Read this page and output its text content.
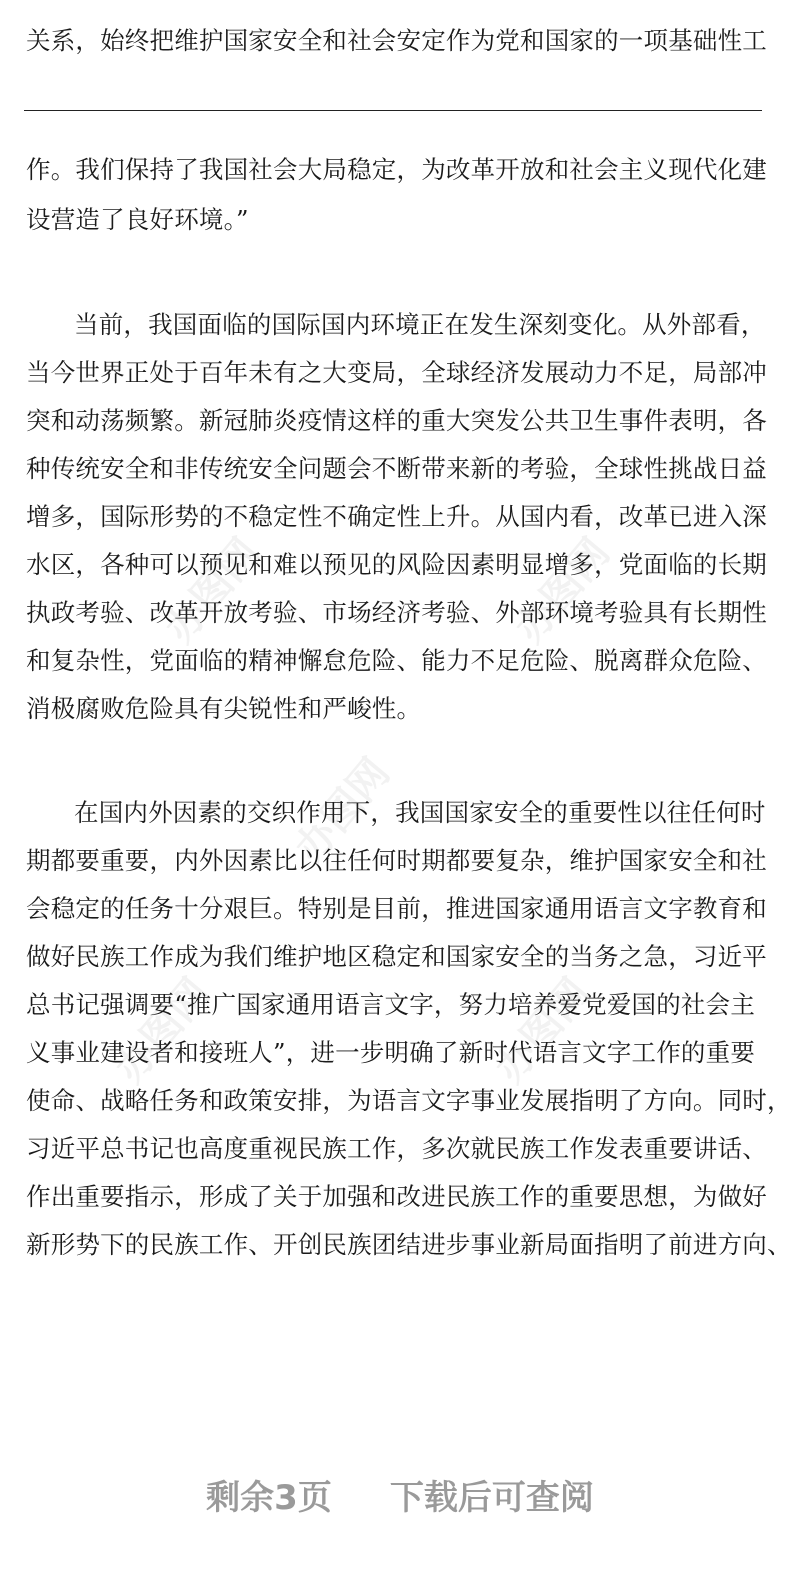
办图网	办图网
办图网
办图网	办图网
关系，始终把维护国家安全和社会安定作为党和国家的一项基础性工
作。我们保持了我国社会大局稳定，为改革开放和社会主义现代化建
设营造了良好环境。”
当前，我国面临的国际国内环境正在发生深刻变化。从外部看，
当今世界正处于百年未有之大变局，全球经济发展动力不足，局部冲
突和动荡频繁。新冠肺炎疫情这样的重大突发公共卫生事件表明，各
种传统安全和非传统安全问题会不断带来新的考验，全球性挑战日益
增多，国际形势的不稳定性不确定性上升。从国内看，改革已进入深
水区，各种可以预见和难以预见的风险因素明显增多，党面临的长期
执政考验、改革开放考验、市场经济考验、外部环境考验具有长期性
和复杂性，党面临的精神懈怠危险、能力不足危险、脱离群众危险、
消极腐败危险具有尖锐性和严峻性。
在国内外因素的交织作用下，我国国家安全的重要性以往任何时
期都要重要，内外因素比以往任何时期都要复杂，维护国家安全和社
会稳定的任务十分艰巨。特别是目前，推进国家通用语言文字教育和
做好民族工作成为我们维护地区稳定和国家安全的当务之急，习近平
总书记强调要“推广国家通用语言文字，努力培养爱党爱国的社会主
义事业建设者和接班人”，进一步明确了新时代语言文字工作的重要
使命、战略任务和政策安排，为语言文字事业发展指明了方向。同时，
习近平总书记也高度重视民族工作，多次就民族工作发表重要讲话、
作出重要指示，形成了关于加强和改进民族工作的重要思想，为做好
新形势下的民族工作、开创民族团结进步事业新局面指明了前进方向、
剩余3页 下载后可查阅
